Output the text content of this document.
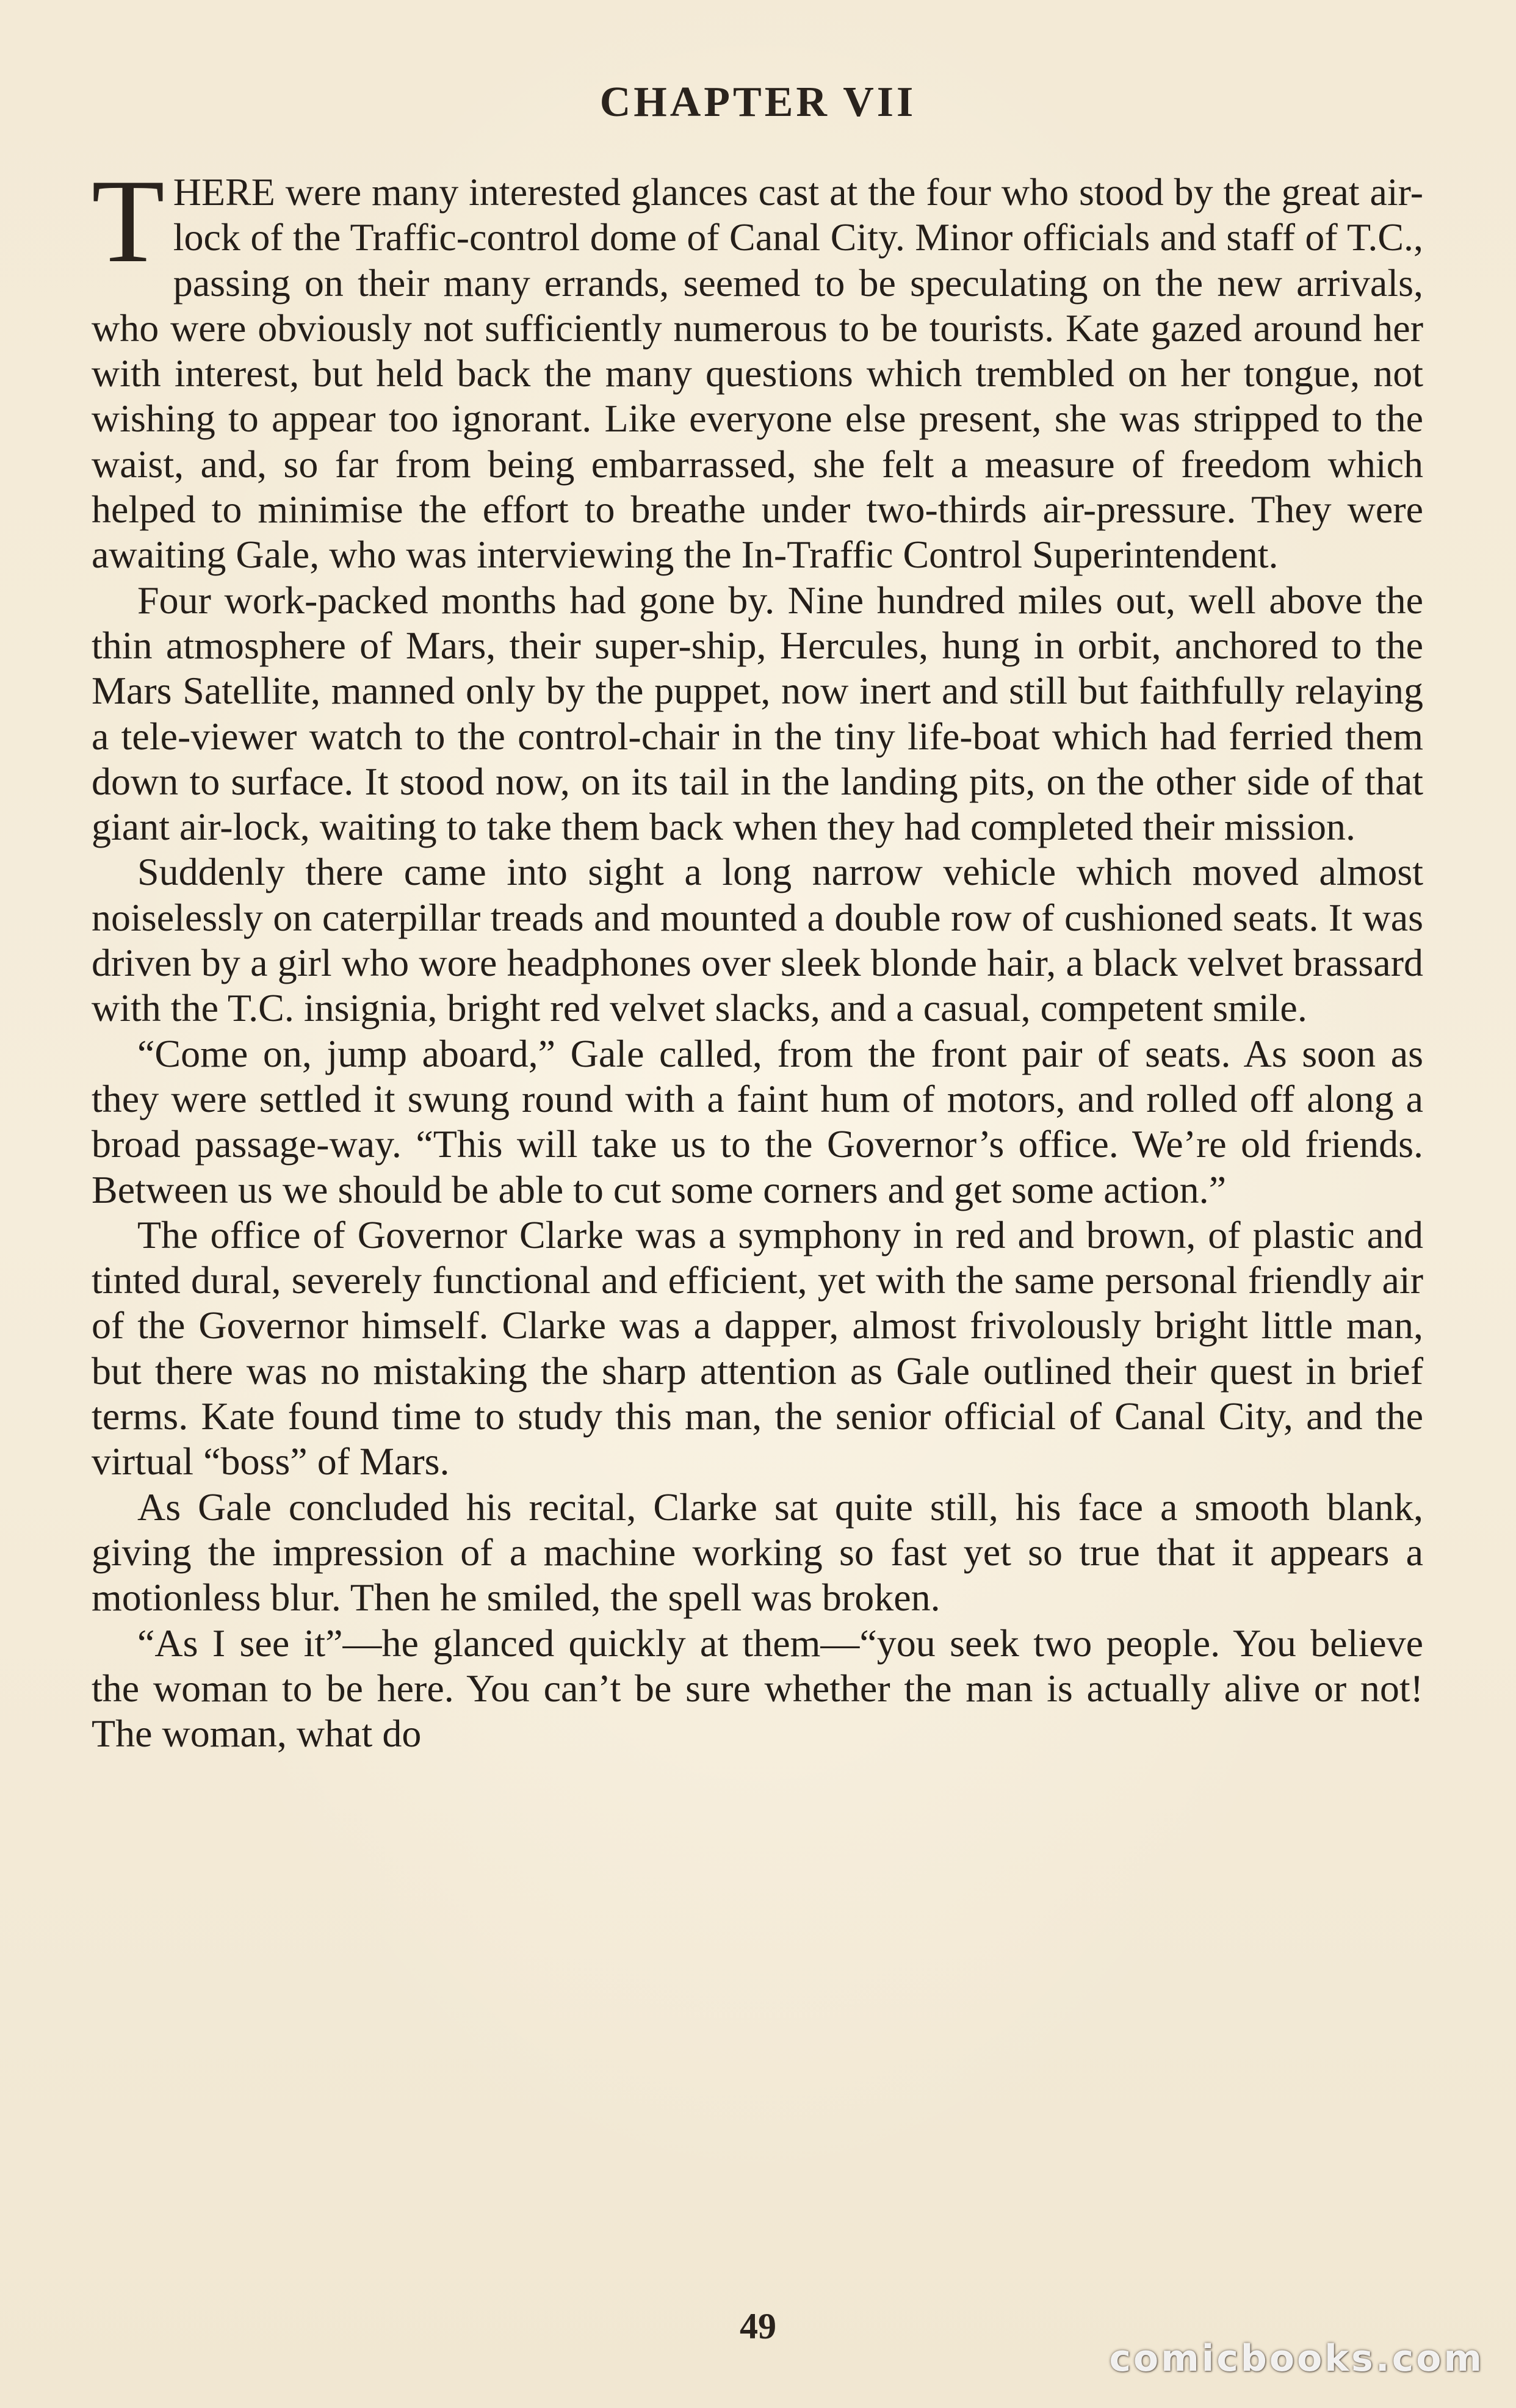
CHAPTER VII

THERE were many interested glances cast at the four who stood by the great air-lock of the Traffic-control dome of Canal City. Minor officials and staff of T.C., passing on their many errands, seemed to be speculating on the new arrivals, who were obviously not sufficiently numerous to be tourists. Kate gazed around her with interest, but held back the many questions which trembled on her tongue, not wishing to appear too ignorant. Like everyone else present, she was stripped to the waist, and, so far from being embarrassed, she felt a measure of freedom which helped to minimise the effort to breathe under two-thirds air-pressure. They were awaiting Gale, who was interviewing the In-Traffic Control Superintendent.

Four work-packed months had gone by. Nine hundred miles out, well above the thin atmosphere of Mars, their super-ship, Hercules, hung in orbit, anchored to the Mars Satellite, manned only by the puppet, now inert and still but faithfully relaying a tele-viewer watch to the control-chair in the tiny life-boat which had ferried them down to surface. It stood now, on its tail in the landing pits, on the other side of that giant air-lock, waiting to take them back when they had completed their mission.

Suddenly there came into sight a long narrow vehicle which moved almost noiselessly on caterpillar treads and mounted a double row of cushioned seats. It was driven by a girl who wore headphones over sleek blonde hair, a black velvet brassard with the T.C. insignia, bright red velvet slacks, and a casual, competent smile.

“Come on, jump aboard,” Gale called, from the front pair of seats. As soon as they were settled it swung round with a faint hum of motors, and rolled off along a broad passage-way. “This will take us to the Governor’s office. We’re old friends. Between us we should be able to cut some corners and get some action.”

The office of Governor Clarke was a symphony in red and brown, of plastic and tinted dural, severely functional and efficient, yet with the same personal friendly air of the Governor himself. Clarke was a dapper, almost frivolously bright little man, but there was no mistaking the sharp attention as Gale outlined their quest in brief terms. Kate found time to study this man, the senior official of Canal City, and the virtual “boss” of Mars.

As Gale concluded his recital, Clarke sat quite still, his face a smooth blank, giving the impression of a machine working so fast yet so true that it appears a motionless blur. Then he smiled, the spell was broken.

“As I see it”—he glanced quickly at them—“you seek two people. You believe the woman to be here. You can’t be sure whether the man is actually alive or not! The woman, what do

49
comicbooks.com
